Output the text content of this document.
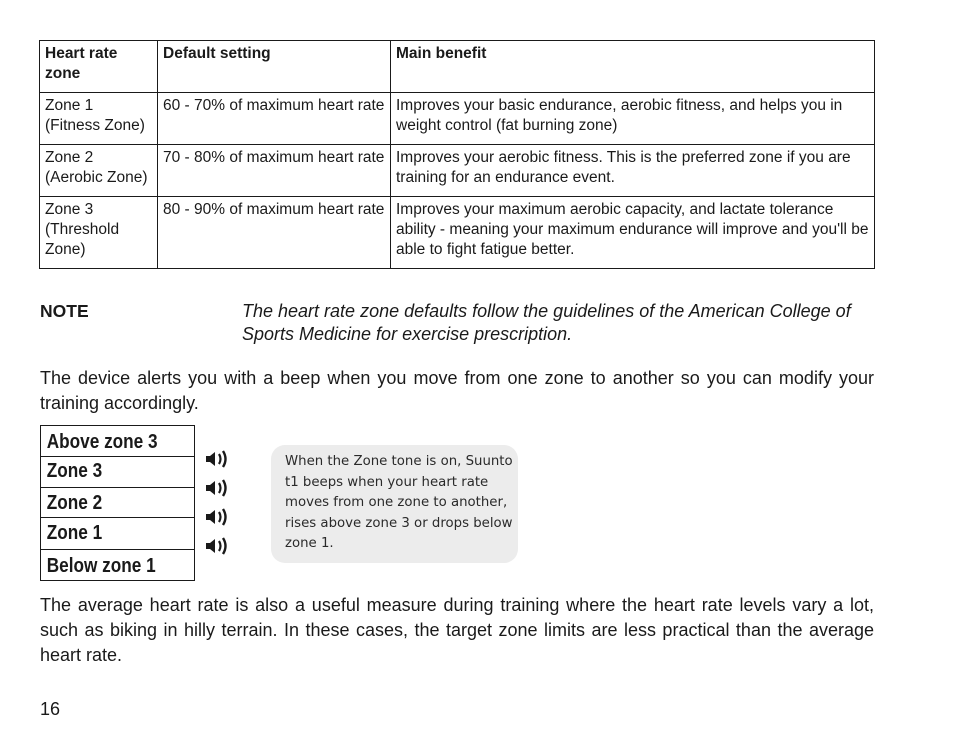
Heart rate zone	Default setting	Main benefit
Zone 1 (Fitness Zone)	60 - 70% of maximum heart rate	Improves your basic endurance, aerobic fitness, and helps you in weight control (fat burning zone)
Zone 2 (Aerobic Zone)	70 - 80% of maximum heart rate	Improves your aerobic fitness. This is the preferred zone if you are training for an endurance event.
Zone 3 (Threshold Zone)	80 - 90% of maximum heart rate	Improves your maximum aerobic capacity, and lactate tolerance ability - meaning your maximum endurance will improve and you'll be able to fight fatigue better.
NOTE	The heart rate zone defaults follow the guidelines of the American College of Sports Medicine for exercise prescription.
The device alerts you with a beep when you move from one zone to another so you can modify your training accordingly.
Above zone 3
Zone 3
Zone 2
Zone 1
Below zone 1
When the Zone tone is on, Suunto t1 beeps when your heart rate moves from one zone to another, rises above zone 3 or drops below zone 1.
The average heart rate is also a useful measure during training where the heart rate levels vary a lot, such as biking in hilly terrain. In these cases, the target zone limits are less practical than the average heart rate.
16
